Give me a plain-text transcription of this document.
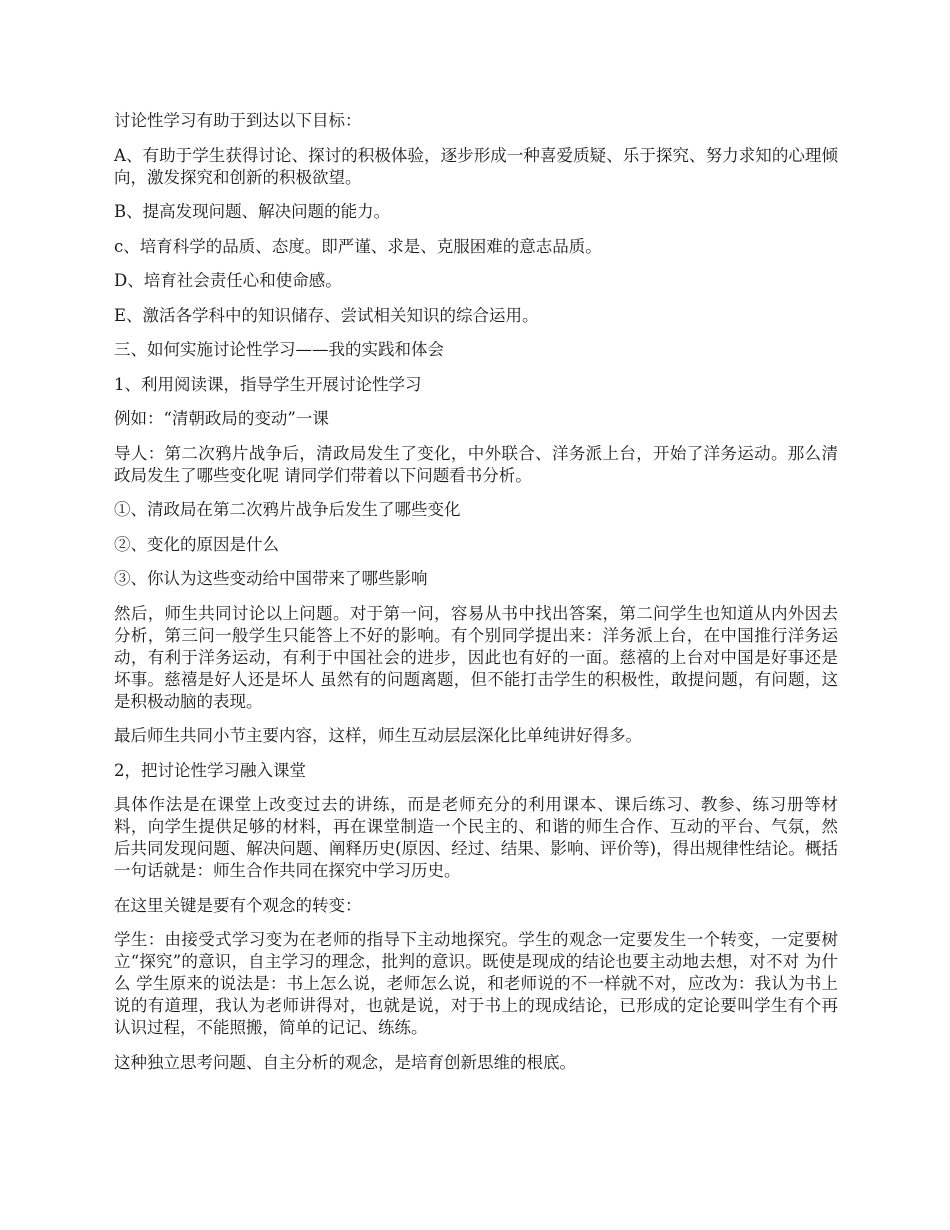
讨论性学习有助于到达以下目标：

A、有助于学生获得讨论、探讨的积极体验，逐步形成一种喜爱质疑、乐于探究、努力求知的心理倾向，激发探究和创新的积极欲望。

B、提高发现问题、解决问题的能力。

c、培育科学的品质、态度。即严谨、求是、克服困难的意志品质。

D、培育社会责任心和使命感。

E、激活各学科中的知识储存、尝试相关知识的综合运用。

三、如何实施讨论性学习——我的实践和体会

1、利用阅读课，指导学生开展讨论性学习

例如：“清朝政局的变动”一课

导人：第二次鸦片战争后，清政局发生了变化，中外联合、洋务派上台，开始了洋务运动。那么清政局发生了哪些变化呢 请同学们带着以下问题看书分析。

①、清政局在第二次鸦片战争后发生了哪些变化

②、变化的原因是什么

③、你认为这些变动给中国带来了哪些影响

然后，师生共同讨论以上问题。对于第一问，容易从书中找出答案，第二问学生也知道从内外因去分析，第三问一般学生只能答上不好的影响。有个别同学提出来：洋务派上台，在中国推行洋务运动，有利于洋务运动，有利于中国社会的进步，因此也有好的一面。慈禧的上台对中国是好事还是坏事。慈禧是好人还是坏人 虽然有的问题离题，但不能打击学生的积极性，敢提问题，有问题，这是积极动脑的表现。

最后师生共同小节主要内容，这样，师生互动层层深化比单纯讲好得多。

2，把讨论性学习融入课堂

具体作法是在课堂上改变过去的讲练，而是老师充分的利用课本、课后练习、教参、练习册等材料，向学生提供足够的材料，再在课堂制造一个民主的、和谐的师生合作、互动的平台、气氛，然后共同发现问题、解决问题、阐释历史(原因、经过、结果、影响、评价等)，得出规律性结论。概括一句话就是：师生合作共同在探究中学习历史。

在这里关键是要有个观念的转变：

学生：由接受式学习变为在老师的指导下主动地探究。学生的观念一定要发生一个转变，一定要树立“探究”的意识，自主学习的理念，批判的意识。既使是现成的结论也要主动地去想，对不对 为什么 学生原来的说法是：书上怎么说，老师怎么说，和老师说的不一样就不对，应改为：我认为书上说的有道理，我认为老师讲得对，也就是说，对于书上的现成结论，已形成的定论要叫学生有个再认识过程，不能照搬，简单的记记、练练。

这种独立思考问题、自主分析的观念，是培育创新思维的根底。
